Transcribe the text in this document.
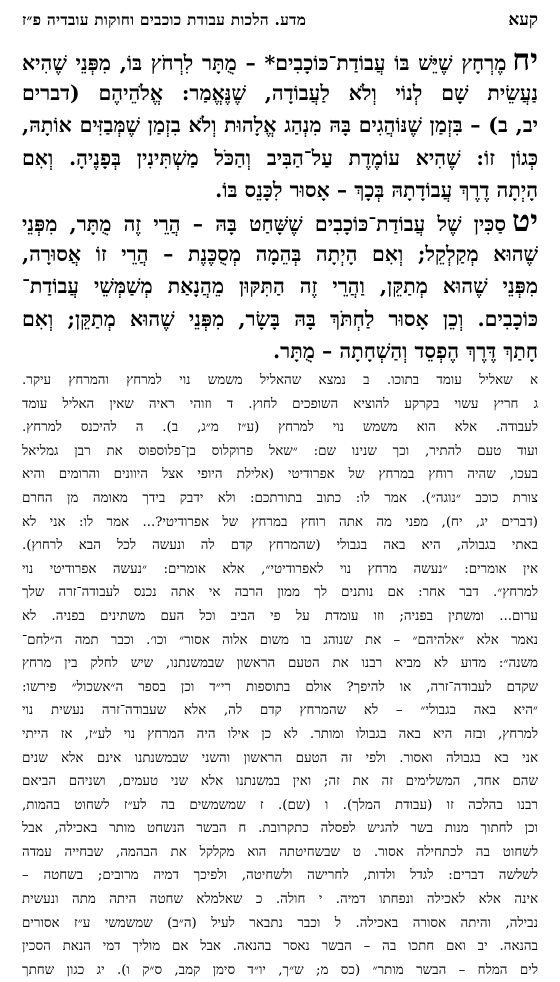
קעא
מדע. הלכות עבודת כוכבים וחוקות עובדיה פ״ז
יחמֶרְחָץ שֶׁיֵּשׁ בּוֹ עֲבוֹדַת־כּוֹכָבִים* – מֻתָּר לִרְחֹץ בּוֹ, מִפְּנֵי שֶׁהִיא
נַעֲשֵׂית שָׁם לְנוֹי וְלֹא לַעֲבוֹדָה, שֶׁנֶּאֱמַר: אֱלֹהֵיהֶם (דברים
יב, ב) – בִּזְמַן שֶׁנּוֹהֲגִים בָּהּ מִנְהַג אֱלָהוּת וְלֹא בִזְמַן שֶׁמְּבַזִּים אוֹתָהּ,
כְּגוֹן זוֹ: שֶׁהִיא עוֹמֶדֶת עַל־הַבִּיב וְהַכֹּל מַשְׁתִּינִין בְּפָנֶיהָ. וְאִם
הָיְתָה דֶרֶךְ עֲבוֹדָתָהּ בְּכָךְ – אָסוּר לִכָּנֵס בּוֹ.
יטסַכִּין שֶׁל עֲבוֹדַת־כּוֹכָבִים שֶׁשָּׁחַט בָּהּ – הֲרֵי זֶה מֻתָּר, מִפְּנֵי
שֶׁהוּא מְקַלְקֵל; וְאִם הָיְתָה בְּהֵמָה מְסֻכֶּנֶת – הֲרֵי זוֹ אֲסוּרָה,
מִפְּנֵי שֶׁהוּא מְתַקֵּן, וַהֲרֵי זֶה הַתִּקּוּן מֵהֲנָאַת מְשַׁמְּשֵׁי עֲבוֹדַת־
כּוֹכָבִים. וְכֵן אָסוּר לַחְתֹּךְ בָּהּ בָּשָׂר, מִפְּנֵי שֶׁהוּא מְתַקֵּן; וְאִם
חָתַךְ דֶּרֶךְ הֶפְסֵד וְהַשְׁחָתָה – מֻתָּר.
א שאליל עומד בתוכו. ב נמצא שהאליל משמש נוי למרחץ והמרחץ עיקר.
ג חריץ עשוי בקרקע להוציא השופכים לחוץ. ד וזוהי ראיה שאין האליל עומד
לעבודה. אלא הוא משמש נוי למרחץ (ע״ז מ״ג, ב). ה להיכנס למרחץ.
ועוד טעם להתיר, וכך שנינו שם: ״שאל פרוקלוס בן־פלוספוס את רבן גמליאל
בעכו, שהיה רוחץ במרחץ של אפרודיטי (אלילת היופי אצל היוונים והרומים והיא
צורת כוכב ״נוגה״). אמר לו: כתוב בתורתכם: ולא ידבק בידך מאומה מן החרם
(דברים יג, יח), מפני מה אתה רוחץ במרחץ של אפרודיטי?... אמר לו: אני לא
באתי בגבולה, היא באה בגבולי (שהמרחץ קדם לה ונעשה לכל הבא לרחוץ).
אין אומרים: ״נעשה מרחץ נוי לאפרודיטי״, אלא אומרים: ״נעשה אפרודיטי נוי
למרחץ״. דבר אחר: אם נותנים לך ממון הרבה אי אתה נכנס לעבודה־זרה שלך
ערום... ומשתין בפניה; וזו עומדת על פי הביב וכל העם משתינים בפניה. לא
נאמר אלא ״אלהיהם״ – את שנוהג בו משום אלוה אסור״ וכו׳. וכבר תמה ה״לחם־
משנה״: מדוע לא מביא רבנו את הטעם הראשון שבמשנתנו, שיש לחלק בין מרחץ
שקדם לעבודה־זרה, או להיפך? אולם בתוספות רי״ד וכן בספר ה״אשכול״ פירשו:
״היא באה בגבולי״ – לא שהמרחץ קדם לה, אלא שעבודה־זרה נעשית נוי
למרחץ, ובזה היא באה בגבולו ומותר. לא כן אילו היה המרחץ נוי לע״ז, אז הייתי
אני בא בגבולה ואסור. ולפי זה הטעם הראשון והשני שבמשנתנו אינם אלא שנים
שהם אחד, המשלימים זה את זה; ואין במשנתנו אלא שני טעמים, ושניהם הביאם
רבנו בהלכה זו (עבודת המלך). ו (שם). ז שמשמשים בה לע״ז לשחוט בהמות,
וכן לחתוך מנות בשר להגיש לפסלה כתקרובת. ח הבשר הנשחט מותר באכילה, אבל
לשחוט בה לכתחילה אסור. ט שבשחיטתה הוא מקלקל את הבהמה, שבחייה עמדה
לשלשה דברים: לגדל ולדות, לחרישה ולשחיטה, ולפיכך דמיה מרובים; בשחטה –
אינה אלא לאכילה ונפחתו דמיה. י חולה. כ שאלמלא שחטה היתה מתה ונעשית
נבילה, והיתה אסורה באכילה. ל וכבר נתבאר לעיל (ה״ב) שמשמשי ע״ז אסורים
בהנאה. יב ואם חתכו בה – הבשר נאסר בהנאה. אבל אם מוליך דמי הנאת הסכין
לים המלח – הבשר מותר״ (כס מ; ש״ך, יו״ד סימן קמב, ס״ק ו). יג כגון שחתך
